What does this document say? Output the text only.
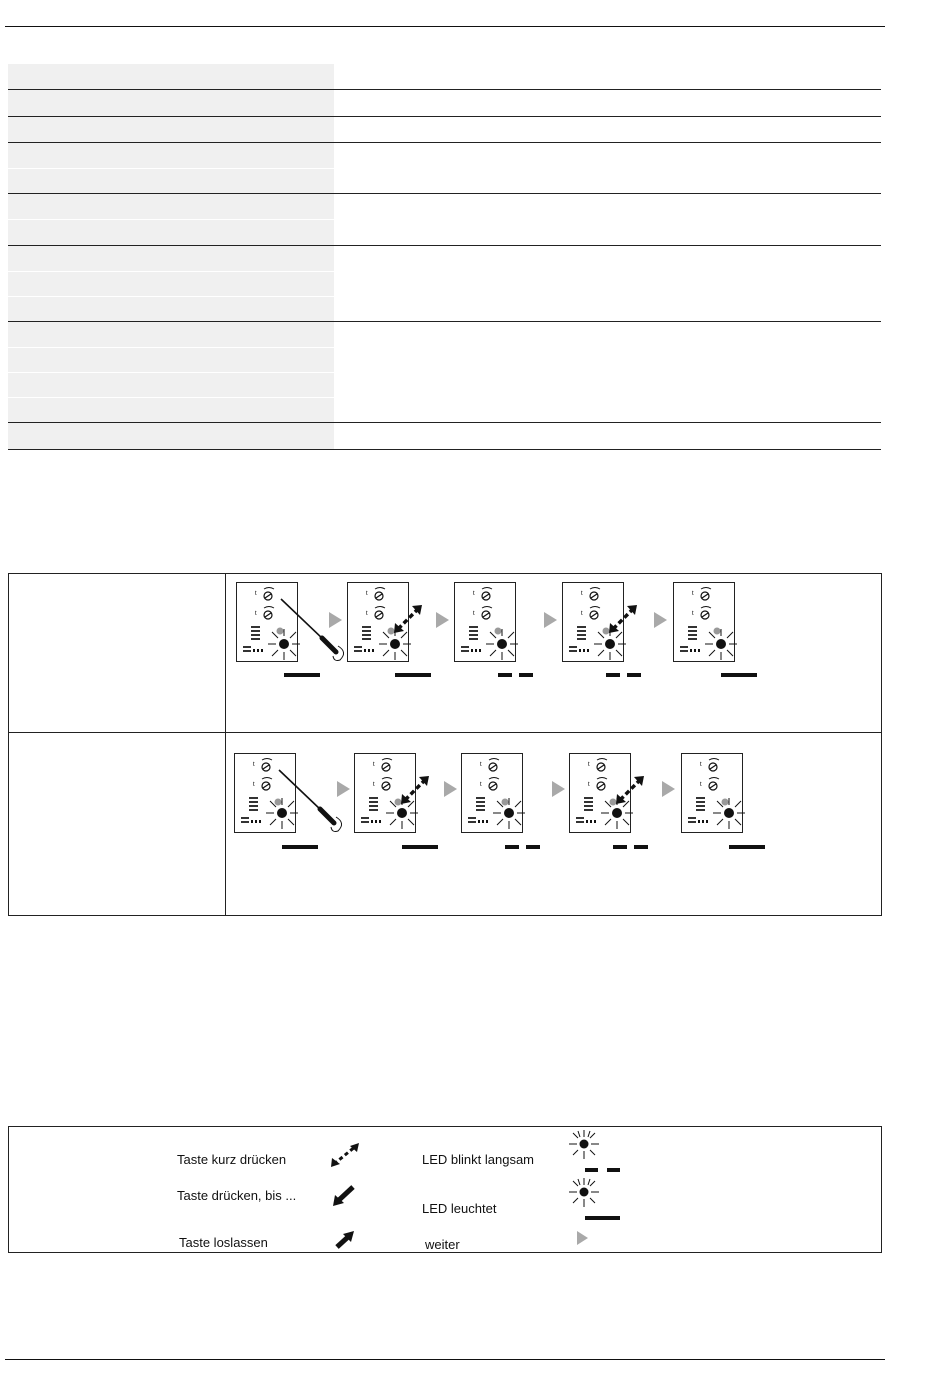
t
t
t
t
t
t
t
t
t
t
t
t
t
t
t
t
t
t
t
t
Taste kurz drücken
Taste drücken, bis ...
Taste loslassen
LED blinkt langsam
LED leuchtet
weiter
